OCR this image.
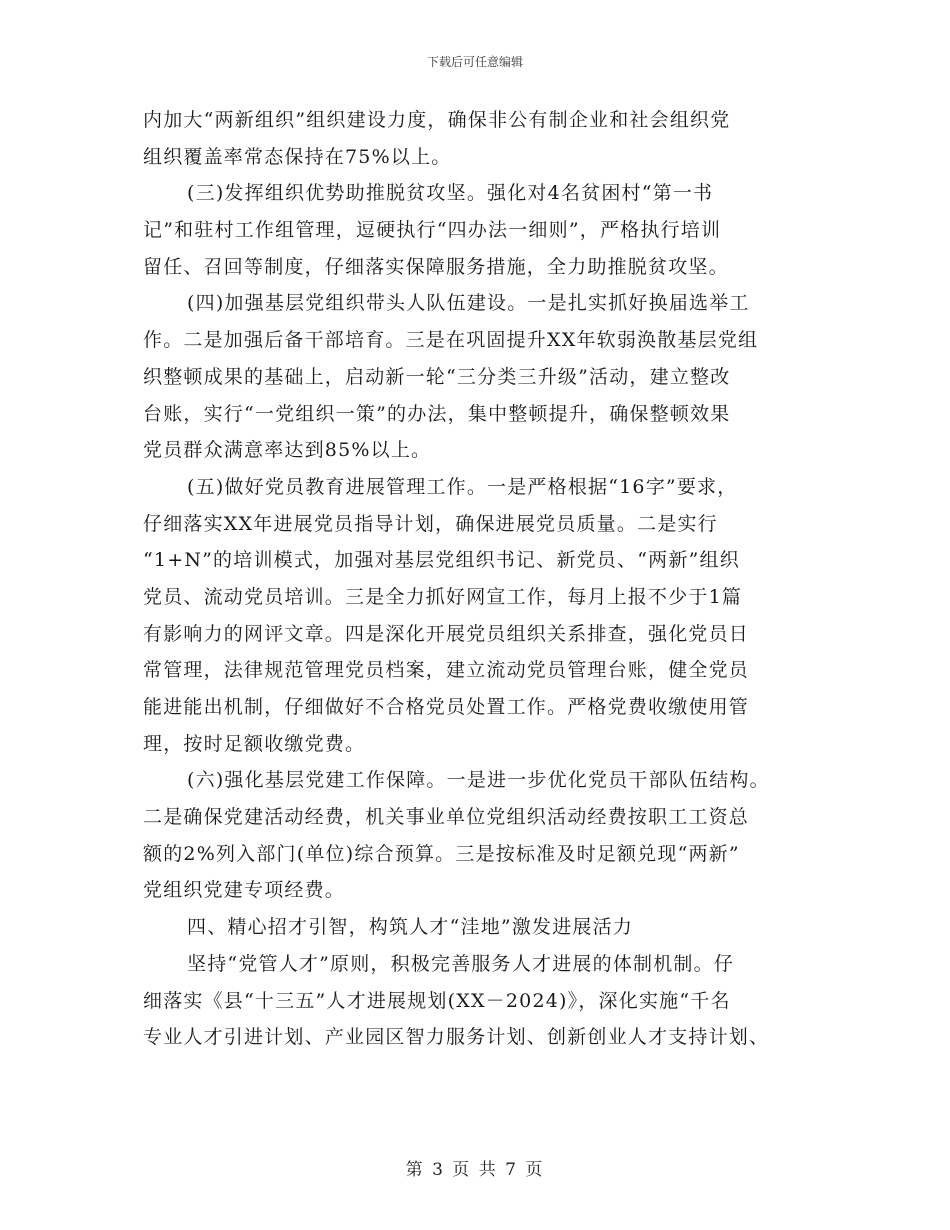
下载后可任意编辑
内加大“两新组织”组织建设力度，确保非公有制企业和社会组织党
组织覆盖率常态保持在75%以上。
(三)发挥组织优势助推脱贫攻坚。强化对4名贫困村“第一书
记”和驻村工作组管理，逗硬执行“四办法一细则”，严格执行培训
留任、召回等制度，仔细落实保障服务措施，全力助推脱贫攻坚。
(四)加强基层党组织带头人队伍建设。一是扎实抓好换届选举工
作。二是加强后备干部培育。三是在巩固提升XX年软弱涣散基层党组
织整顿成果的基础上，启动新一轮“三分类三升级”活动，建立整改
台账，实行“一党组织一策”的办法，集中整顿提升，确保整顿效果
党员群众满意率达到85%以上。
(五)做好党员教育进展管理工作。一是严格根据“16字”要求，
仔细落实XX年进展党员指导计划，确保进展党员质量。二是实行
“1+N”的培训模式，加强对基层党组织书记、新党员、“两新”组织
党员、流动党员培训。三是全力抓好网宣工作，每月上报不少于1篇
有影响力的网评文章。四是深化开展党员组织关系排查，强化党员日
常管理，法律规范管理党员档案，建立流动党员管理台账，健全党员
能进能出机制，仔细做好不合格党员处置工作。严格党费收缴使用管
理，按时足额收缴党费。
(六)强化基层党建工作保障。一是进一步优化党员干部队伍结构。
二是确保党建活动经费，机关事业单位党组织活动经费按职工工资总
额的2%列入部门(单位)综合预算。三是按标准及时足额兑现“两新”
党组织党建专项经费。
四、精心招才引智，构筑人才“洼地”激发进展活力
坚持“党管人才”原则，积极完善服务人才进展的体制机制。仔
细落实《县“十三五”人才进展规划(XX－2024)》，深化实施“千名
专业人才引进计划、产业园区智力服务计划、创新创业人才支持计划、
第 3 页 共 7 页
